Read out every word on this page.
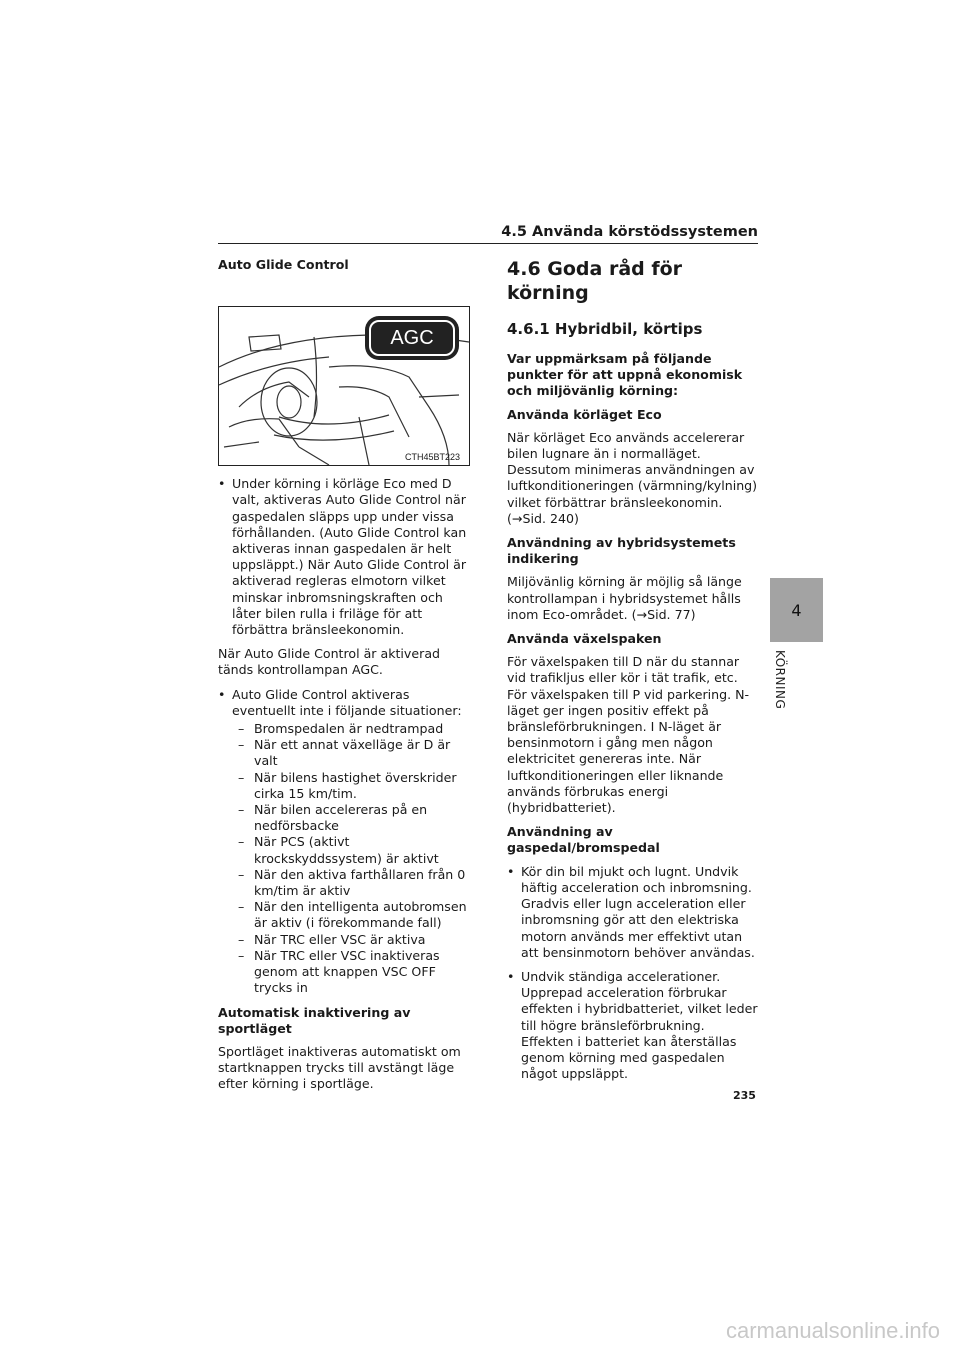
4.5 Använda körstödssystemen
Auto Glide Control
AGC
CTH45BT223
• Under körning i körläge Eco med D valt, aktiveras Auto Glide Control när gaspedalen släpps upp under vissa förhållanden. (Auto Glide Control kan aktiveras innan gaspedalen är helt uppsläppt.) När Auto Glide Control är aktiverad regleras elmotorn vilket minskar inbromsningskraften och låter bilen rulla i friläge för att förbättra bränsleekonomin.
När Auto Glide Control är aktiverad tänds kontrollampan AGC.
• Auto Glide Control aktiveras eventuellt inte i följande situationer:
– Bromspedalen är nedtrampad
– När ett annat växelläge är D är valt
– När bilens hastighet överskrider cirka 15 km/tim.
– När bilen accelereras på en nedförsbacke
– När PCS (aktivt krockskyddssystem) är aktivt
– När den aktiva farthållaren från 0 km/tim är aktiv
– När den intelligenta autobromsen är aktiv (i förekommande fall)
– När TRC eller VSC är aktiva
– När TRC eller VSC inaktiveras genom att knappen VSC OFF trycks in
Automatisk inaktivering av sportläget
Sportläget inaktiveras automatiskt om startknappen trycks till avstängt läge efter körning i sportläge.
4.6 Goda råd för körning
4.6.1 Hybridbil, körtips
Var uppmärksam på följande punkter för att uppnå ekonomisk och miljövänlig körning:
Använda körläget Eco
När körläget Eco används accelererar bilen lugnare än i normalläget. Dessutom minimeras användningen av luftkonditioneringen (värmning/kylning) vilket förbättrar bränsleekonomin. (→Sid. 240)
Användning av hybridsystemets indikering
Miljövänlig körning är möjlig så länge kontrollampan i hybridsystemet hålls inom Eco-området. (→Sid. 77)
Använda växelspaken
För växelspaken till D när du stannar vid trafikljus eller kör i tät trafik, etc. För växelspaken till P vid parkering. N-läget ger ingen positiv effekt på bränsleförbrukningen. I N-läget är bensinmotorn i gång men någon elektricitet genereras inte. När luftkonditioneringen eller liknande används förbrukas energi (hybridbatteriet).
Användning av gaspedal/bromspedal
• Kör din bil mjukt och lugnt. Undvik häftig acceleration och inbromsning. Gradvis eller lugn acceleration eller inbromsning gör att den elektriska motorn används mer effektivt utan att bensinmotorn behöver användas.
• Undvik ständiga accelerationer. Upprepad acceleration förbrukar effekten i hybridbatteriet, vilket leder till högre bränsleförbrukning. Effekten i batteriet kan återställas genom körning med gaspedalen något uppsläppt.
4
KÖRNING
235
carmanualsonline.info
